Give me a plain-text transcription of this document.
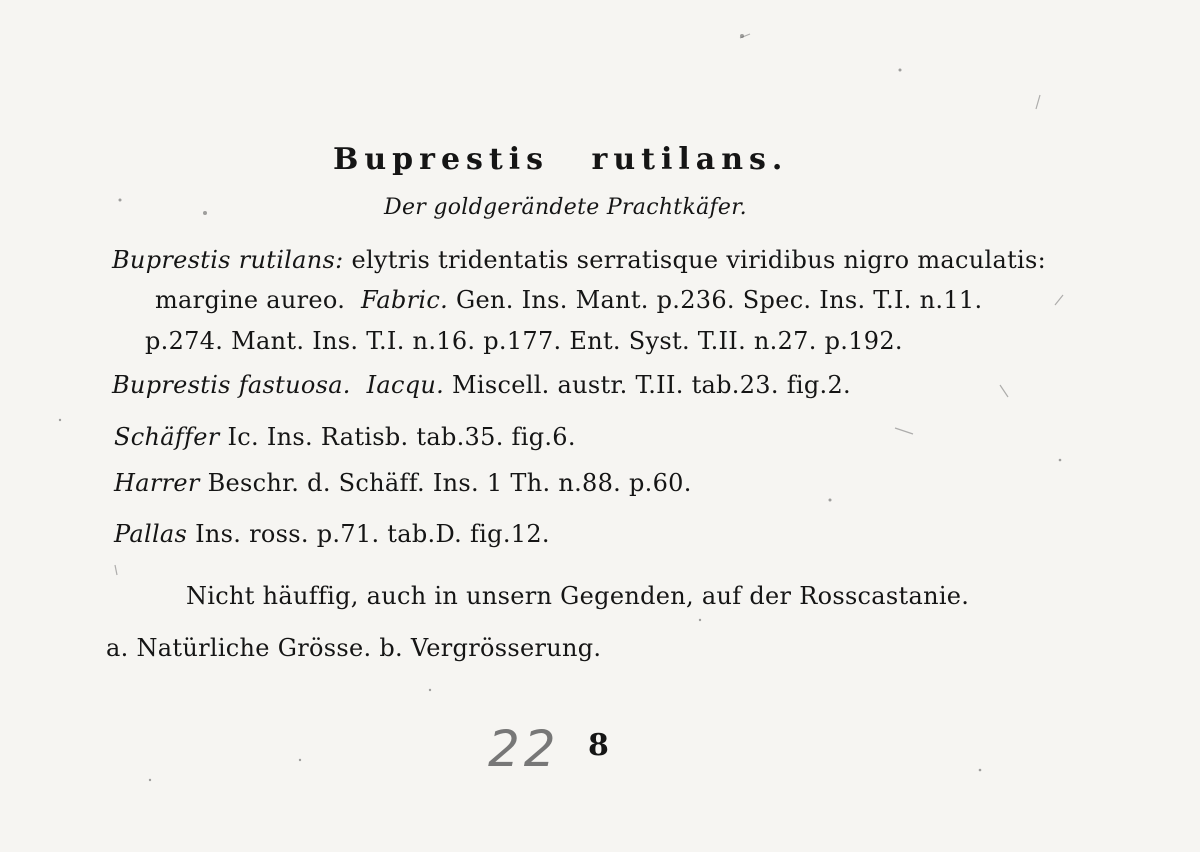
Buprestis rutilans.
Der goldgerändete Prachtkäfer.
Buprestis rutilans: elytris tridentatis serratisque viridibus nigro maculatis:
margine aureo. Fabric. Gen. Ins. Mant. p.236. Spec. Ins. T.I. n.11.
p.274. Mant. Ins. T.I. n.16. p.177. Ent. Syst. T.II. n.27. p.192.
Buprestis fastuosa. Iacqu. Miscell. austr. T.II. tab.23. fig.2.
Schäffer Ic. Ins. Ratisb. tab.35. fig.6.
Harrer Beschr. d. Schäff. Ins. 1 Th. n.88. p.60.
Pallas Ins. ross. p.71. tab.D. fig.12.
Nicht häuffig, auch in unsern Gegenden, auf der Rosscastanie.
a. Natürliche Grösse. b. Vergrösserung.
22 8
